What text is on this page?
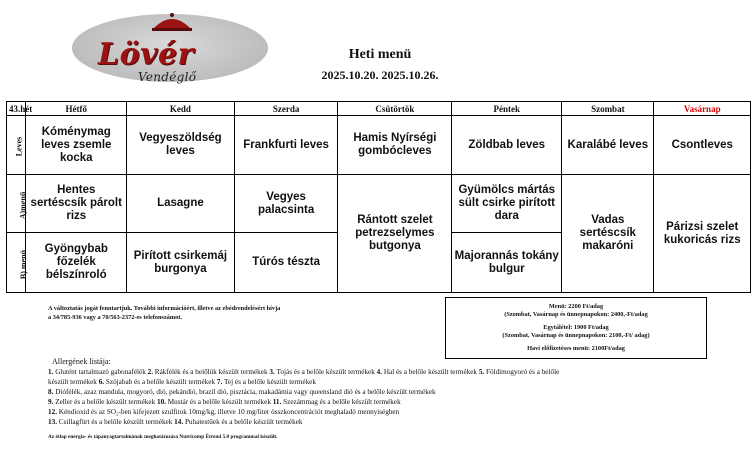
Lövér
Vendéglő
Heti menü
2025.10.20. 2025.10.26.
43.hét	Hétfő	Kedd	Szerda	Csütörtök	Péntek	Szombat	Vasárnap
Leves	Kóménymag leves zsemle kocka	Vegyeszöldség leves	Frankfurti leves	Hamis Nyírségi gombócleves	Zöldbab leves	Karalábé leves	Csontleves
A)menü	Hentes sertéscsík párolt rizs	Lasagne	Vegyes palacsinta	Rántott szelet petrezselymes butgonya	Gyümölcs mártás sült csirke pirított dara	Vadas sertéscsík makaróni	Párizsi szelet kukoricás rizs
B) menü	Gyöngybab főzelék bélszínroló	Pirított csirkemáj burgonya	Túrós tészta		Majorannás tokány bulgur		
A változtatás jogát fenntartjuk. További információért, illetve az ebédrendelésért hívja
a 34/785-936 vagy a 70/563-2372-es telefonszámot.
Menü: 2200 Ft/adag
(Szombat, Vasárnap és ünnepnapokon: 2400,-Ft/adag
Egytálétel: 1900 Ft/adag
(Szombat, Vasárnap és ünnepnapokon: 2100,-Ft/ adag)
Havi előfizetéses menü: 2100Ft/adag
Allergének listája:
1. Glutént tartalmazó gabonafélék 2. Rákfélék és a belőlük készült termékek 3. Tojás és a belőle készült termékek 4. Hal és a belőle készült termékek 5. Földimogyoró és a belőle
készült termékek 6. Szójabab és a belőle készült termékek 7. Tej és a belőle készült termékek
8. Diófélék, azaz mandula, mogyoró, dió, pekándió, brazil dió, pisztácia, makadámia vagy queensland dió és a belőle készült termékek
9. Zeller és a belőle készült termékek 10. Mustár és a belőle készült termékek 11. Szezámmag és a belőle készült termékek
12. Kéndioxid és az SO₂-ben kifejezett szulfitok 10mg/kg, illetve 10 mg/liter összkoncentrációt meghaladó mennyiségben
13. Csillagfürt és a belőle készült termékek 14. Puhatestűek és a belőle készült termékek
Az étlap energia- és tápanyagtartalmának meghatározása Nutricomp Étrend 5.0 programmal készült.
